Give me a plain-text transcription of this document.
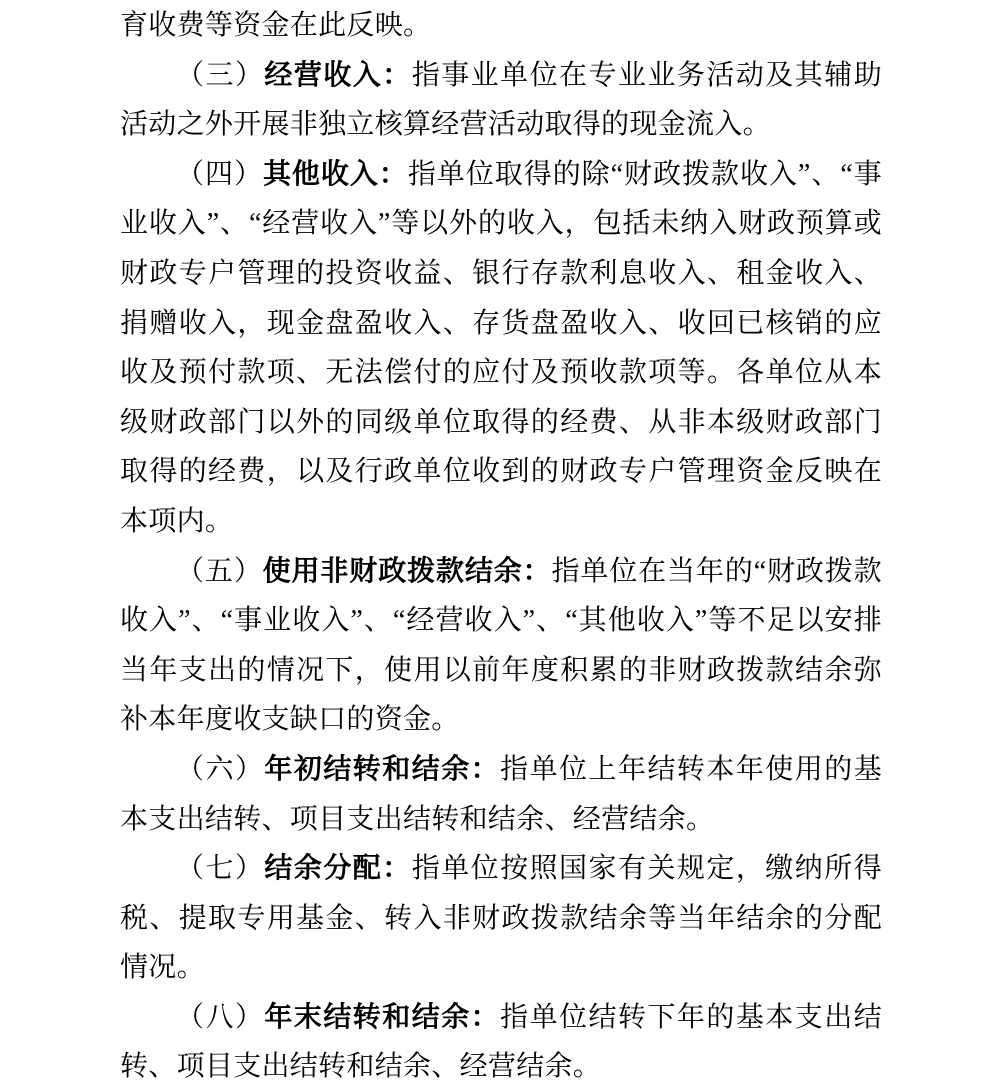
育收费等资金在此反映。

（三）经营收入：指事业单位在专业业务活动及其辅助活动之外开展非独立核算经营活动取得的现金流入。

（四）其他收入：指单位取得的除“财政拨款收入”、“事业收入”、“经营收入”等以外的收入，包括未纳入财政预算或财政专户管理的投资收益、银行存款利息收入、租金收入、捐赠收入，现金盘盈收入、存货盘盈收入、收回已核销的应收及预付款项、无法偿付的应付及预收款项等。各单位从本级财政部门以外的同级单位取得的经费、从非本级财政部门取得的经费，以及行政单位收到的财政专户管理资金反映在本项内。

（五）使用非财政拨款结余：指单位在当年的“财政拨款收入”、“事业收入”、“经营收入”、“其他收入”等不足以安排当年支出的情况下，使用以前年度积累的非财政拨款结余弥补本年度收支缺口的资金。

（六）年初结转和结余：指单位上年结转本年使用的基本支出结转、项目支出结转和结余、经营结余。

（七）结余分配：指单位按照国家有关规定，缴纳所得税、提取专用基金、转入非财政拨款结余等当年结余的分配情况。

（八）年末结转和结余：指单位结转下年的基本支出结转、项目支出结转和结余、经营结余。
